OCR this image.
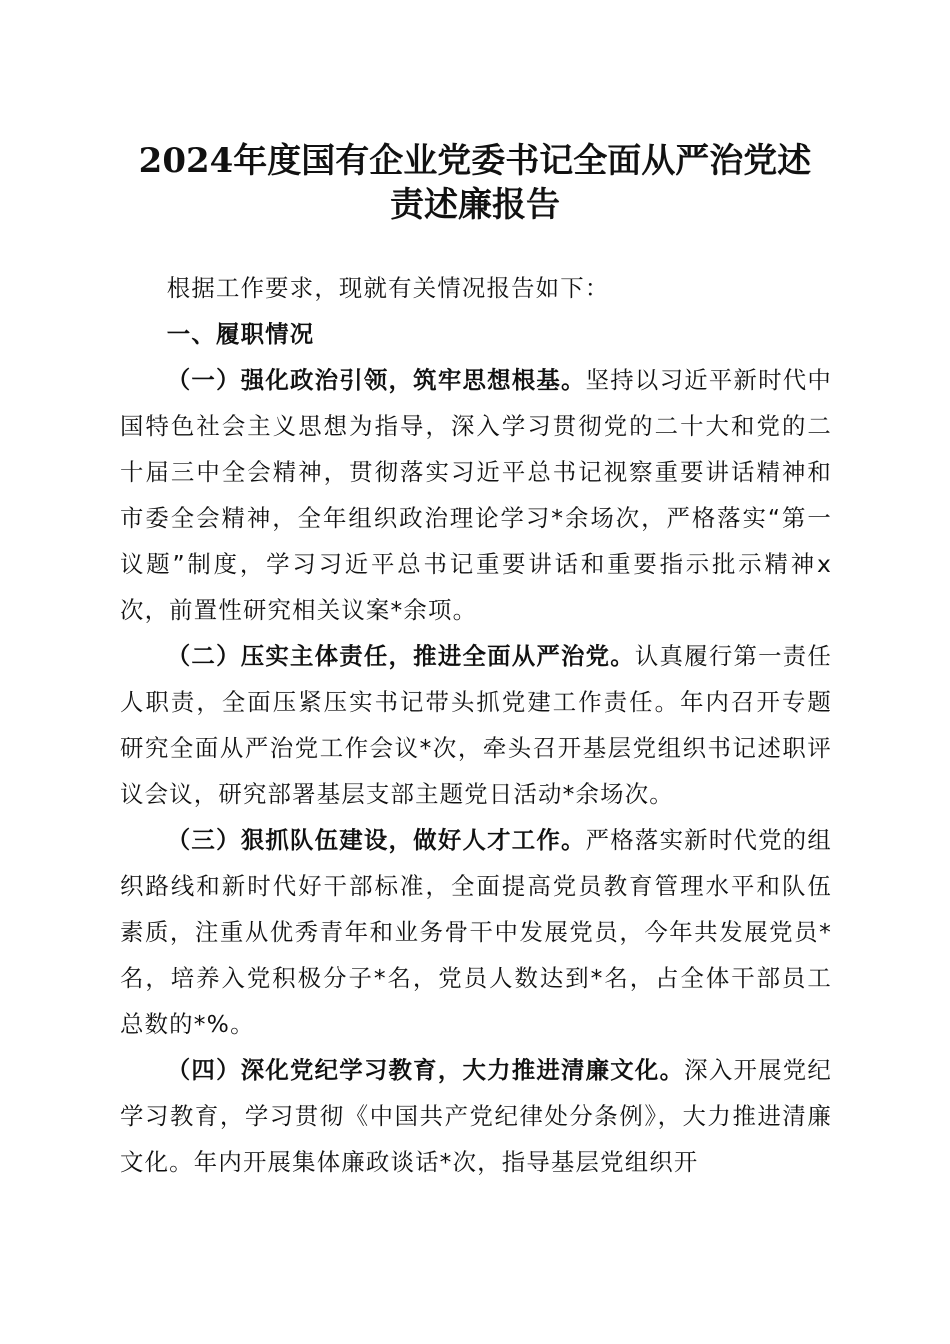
2024年度国有企业党委书记全面从严治党述
责述廉报告

根据工作要求，现就有关情况报告如下：

一、履职情况

（一）强化政治引领，筑牢思想根基。坚持以习近平新时代中国特色社会主义思想为指导，深入学习贯彻党的二十大和党的二十届三中全会精神，贯彻落实习近平总书记视察重要讲话精神和市委全会精神，全年组织政治理论学习*余场次，严格落实“第一议题”制度，学习习近平总书记重要讲话和重要指示批示精神x次，前置性研究相关议案*余项。

（二）压实主体责任，推进全面从严治党。认真履行第一责任人职责，全面压紧压实书记带头抓党建工作责任。年内召开专题研究全面从严治党工作会议*次，牵头召开基层党组织书记述职评议会议，研究部署基层支部主题党日活动*余场次。

（三）狠抓队伍建设，做好人才工作。严格落实新时代党的组织路线和新时代好干部标准，全面提高党员教育管理水平和队伍素质，注重从优秀青年和业务骨干中发展党员，今年共发展党员*名，培养入党积极分子*名，党员人数达到*名，占全体干部员工总数的*%。

（四）深化党纪学习教育，大力推进清廉文化。深入开展党纪学习教育，学习贯彻《中国共产党纪律处分条例》，大力推进清廉文化。年内开展集体廉政谈话*次，指导基层党组织开
